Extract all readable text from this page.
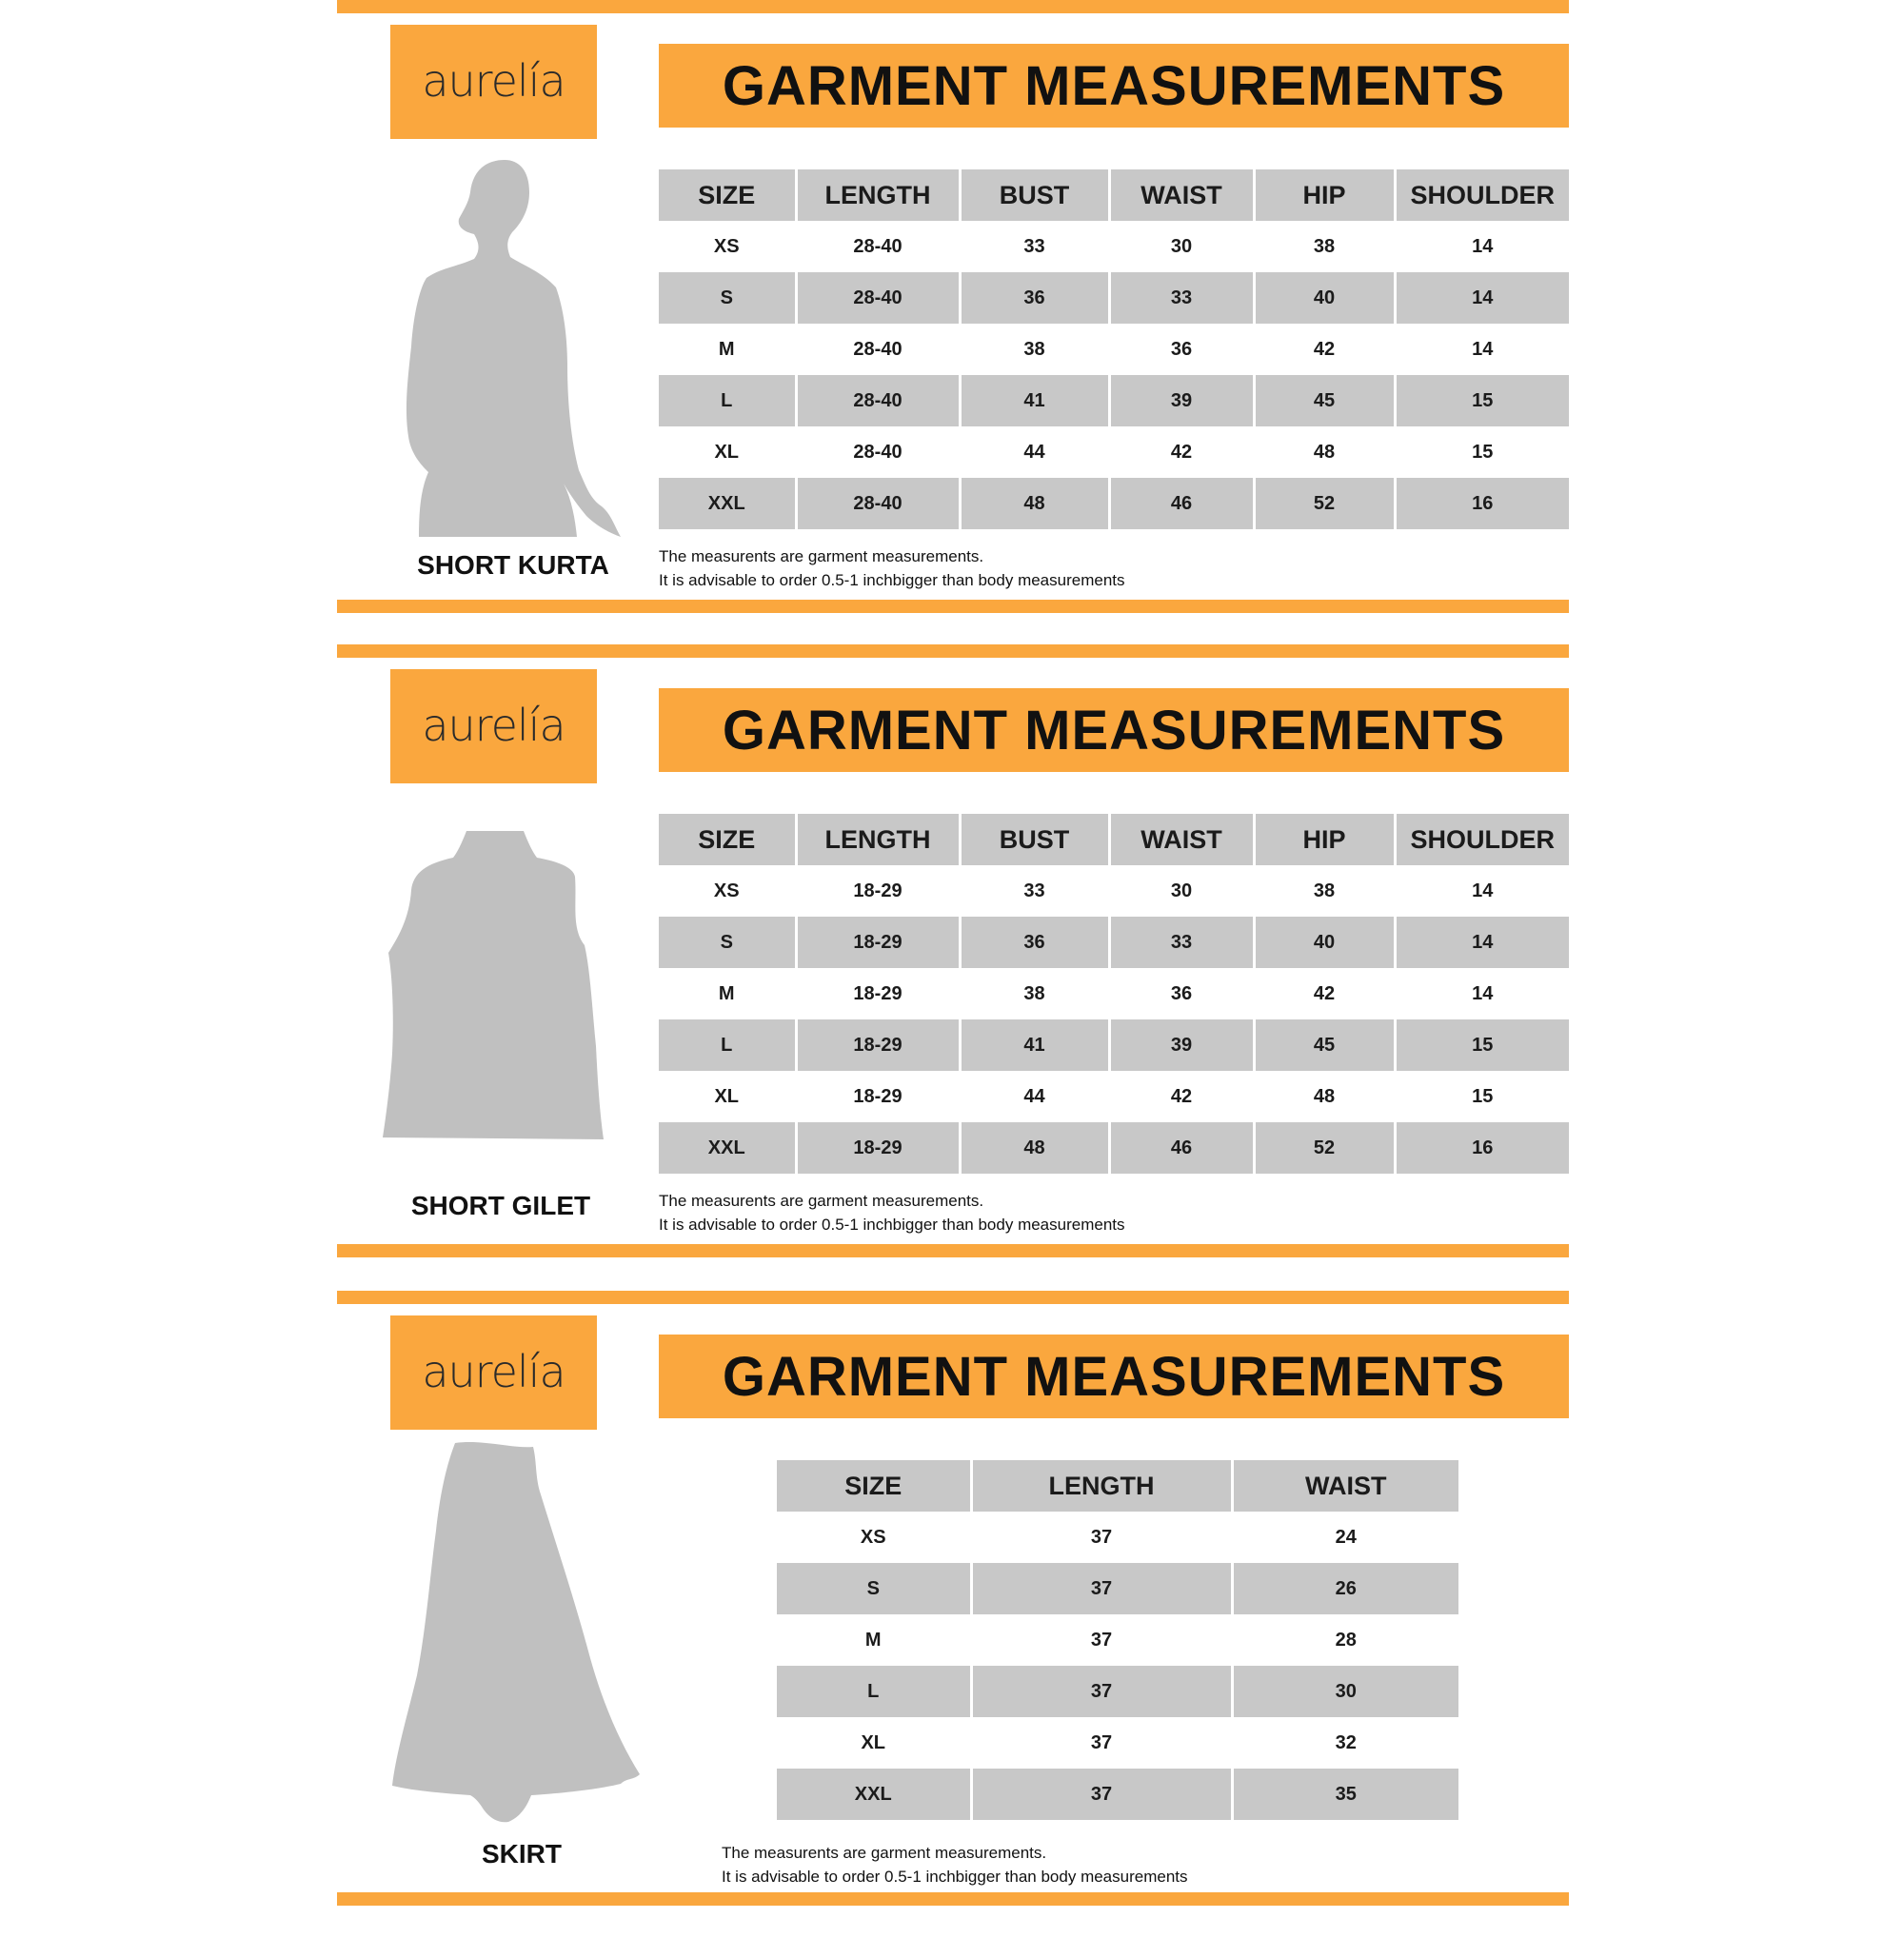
aurelía	GARMENT MEASUREMENTS
SHORT KURTA
SIZE	LENGTH	BUST	WAIST	HIP	SHOULDER
XS	28-40	33	30	38	14
S	28-40	36	33	40	14
M	28-40	38	36	42	14
L	28-40	41	39	45	15
XL	28-40	44	42	48	15
XXL	28-40	48	46	52	16
The measurents are garment measurements.
It is advisable to order 0.5-1 inchbigger than body measurements
aurelía	GARMENT MEASUREMENTS
SHORT GILET
SIZE	LENGTH	BUST	WAIST	HIP	SHOULDER
XS	18-29	33	30	38	14
S	18-29	36	33	40	14
M	18-29	38	36	42	14
L	18-29	41	39	45	15
XL	18-29	44	42	48	15
XXL	18-29	48	46	52	16
The measurents are garment measurements.
It is advisable to order 0.5-1 inchbigger than body measurements
aurelía	GARMENT MEASUREMENTS
SKIRT
SIZE	LENGTH	WAIST
XS	37	24
S	37	26
M	37	28
L	37	30
XL	37	32
XXL	37	35
The measurents are garment measurements.
It is advisable to order 0.5-1 inchbigger than body measurements
